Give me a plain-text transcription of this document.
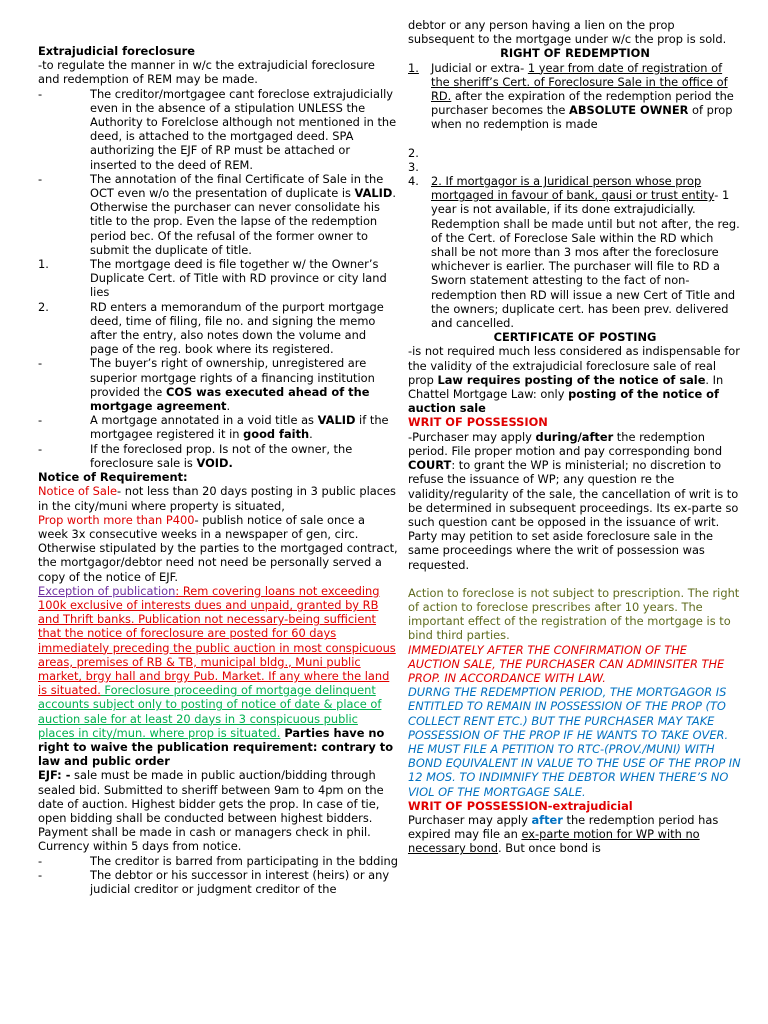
Extrajudicial foreclosure

-to regulate the manner in w/c the extrajudicial foreclosure and redemption of REM may be made.

-	The creditor/mortgagee cant foreclose extrajudicially even in the absence of a stipulation UNLESS the Authority to Forelclose although not mentioned in the deed, is attached to the mortgaged deed. SPA authorizing the EJF of RP must be attached or inserted to the deed of REM.
-	The annotation of the final Certificate of Sale in the OCT even w/o the presentation of duplicate is VALID. Otherwise the purchaser can never consolidate his title to the prop. Even the lapse of the redemption period bec. Of the refusal of the former owner to submit the duplicate of title.
1.	The mortgage deed is file together w/ the Owner’s Duplicate Cert. of Title with RD province or city land lies
2.	RD enters a memorandum of the purport mortgage deed, time of filing, file no. and signing the memo after the entry, also notes down the volume and page of the reg. book where its registered.
-	The buyer’s right of ownership, unregistered are superior mortgage rights of a financing institution provided the COS was executed ahead of the mortgage agreement.
-	A mortgage annotated in a void title as VALID if the mortgagee registered it in good faith.
-	If the foreclosed prop. Is not of the owner, the foreclosure sale is VOID.

Notice of Requirement:

Notice of Sale- not less than 20 days posting in 3 public places in the city/muni where property is situated,

Prop worth more than P400- publish notice of sale once a week 3x consecutive weeks in a newspaper of gen, circ. Otherwise stipulated by the parties to the mortgaged contract, the mortgagor/debtor need not need be personally served a copy of the notice of EJF.

Exception of publication: Rem covering loans not exceeding 100k exclusive of interests dues and unpaid, granted by RB and Thrift banks. Publication not necessary-being sufficient that the notice of foreclosure are posted for 60 days immediately preceding the public auction in most conspicuous areas, premises of RB & TB, municipal bldg., Muni public market, brgy hall and brgy Pub. Market. If any where the land is situated. Foreclosure proceeding of mortgage delinquent accounts subject only to posting of notice of date & place of auction sale for at least 20 days in 3 conspicuous public places in city/mun. where prop is situated. Parties have no right to waive the publication requirement: contrary to law and public order

EJF: - sale must be made in public auction/bidding through sealed bid. Submitted to sheriff between 9am to 4pm on the date of auction. Highest bidder gets the prop. In case of tie, open bidding shall be conducted between highest bidders. Payment shall be made in cash or managers check in phil. Currency within 5 days from notice.

-	The creditor is barred from participating in the bdding
-	The debtor or his successor in interest (heirs) or any judicial creditor or judgment creditor of the

debtor or any person having a lien on the prop subsequent to the mortgage under w/c the prop is sold.

RIGHT OF REDEMPTION

1.	Judicial or extra- 1 year from date of registration of the sheriff’s Cert. of Foreclosure Sale in the office of RD. after the expiration of the redemption period the purchaser becomes the ABSOLUTE OWNER of prop when no redemption is made
2.
3.
4.	2. If mortgagor is a Juridical person whose prop mortgaged in favour of bank, qausi or trust entity- 1 year is not available, if its done extrajudicially. Redemption shall be made until but not after, the reg. of the Cert. of Foreclose Sale within the RD which shall be not more than 3 mos after the foreclosure whichever is earlier. The purchaser will file to RD a Sworn statement attesting to the fact of non-redemption then RD will issue a new Cert of Title and the owners; duplicate cert. has been prev. delivered and cancelled.

CERTIFICATE OF POSTING

-is not required much less considered as indispensable for the validity of the extrajudicial foreclosure sale of real prop Law requires posting of the notice of sale. In Chattel Mortgage Law: only posting of the notice of auction sale

WRIT OF POSSESSION

-Purchaser may apply during/after the redemption period. File proper motion and pay corresponding bond

COURT: to grant the WP is ministerial; no discretion to refuse the issuance of WP; any question re the validity/regularity of the sale, the cancellation of writ is to be determined in subsequent proceedings. Its ex-parte so such question cant be opposed in the issuance of writ. Party may petition to set aside foreclosure sale in the same proceedings where the writ of possession was requested.

Action to foreclose is not subject to prescription. The right of action to foreclose prescribes after 10 years. The important effect of the registration of the mortgage is to bind third parties.

IMMEDIATELY AFTER THE CONFIRMATION OF THE AUCTION SALE, THE PURCHASER CAN ADMINSITER THE PROP. IN ACCORDANCE WITH LAW.

DURNG THE REDEMPTION PERIOD, THE MORTGAGOR IS ENTITLED TO REMAIN IN POSSESSION OF THE PROP (TO COLLECT RENT ETC.) BUT THE PURCHASER MAY TAKE POSSESSION OF THE PROP IF HE WANTS TO TAKE OVER. HE MUST FILE A PETITION TO RTC-(PROV./MUNI) WITH BOND EQUIVALENT IN VALUE TO THE USE OF THE PROP IN 12 MOS. TO INDIMNIFY THE DEBTOR WHEN THERE’S NO VIOL OF THE MORTGAGE SALE.

WRIT OF POSSESSION-extrajudicial

Purchaser may apply after the redemption period has expired may file an ex-parte motion for WP with no necessary bond. But once bond is
